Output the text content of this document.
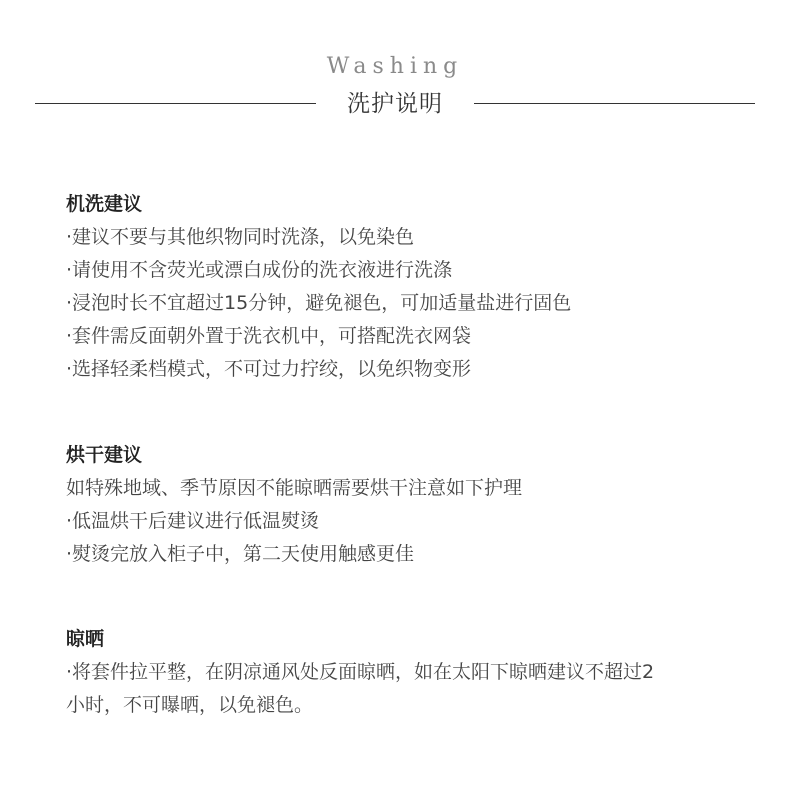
Washing
洗护说明
机洗建议
·建议不要与其他织物同时洗涤，以免染色
·请使用不含荧光或漂白成份的洗衣液进行洗涤
·浸泡时长不宜超过15分钟，避免褪色，可加适量盐进行固色
·套件需反面朝外置于洗衣机中，可搭配洗衣网袋
·选择轻柔档模式，不可过力拧绞，以免织物变形
烘干建议
如特殊地域、季节原因不能晾晒需要烘干注意如下护理
·低温烘干后建议进行低温熨烫
·熨烫完放入柜子中，第二天使用触感更佳
晾晒
·将套件拉平整，在阴凉通风处反面晾晒，如在太阳下晾晒建议不超过2
小时，不可曝晒，以免褪色。
